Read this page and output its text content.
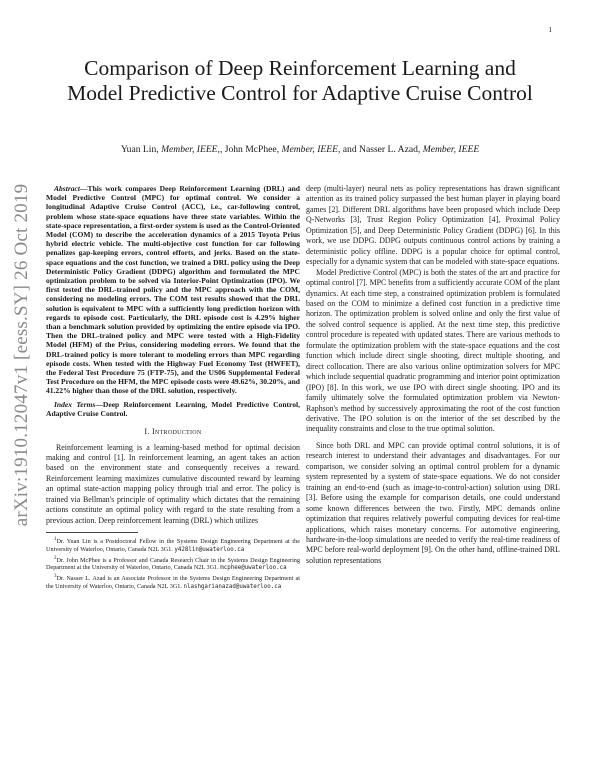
1
arXiv:1910.12047v1 [eess.SY] 26 Oct 2019
Comparison of Deep Reinforcement Learning and Model Predictive Control for Adaptive Cruise Control
Yuan Lin, Member, IEEE,, John McPhee, Member, IEEE, and Nasser L. Azad, Member, IEEE

Abstract—This work compares Deep Reinforcement Learning (DRL) and Model Predictive Control (MPC) for optimal control. We consider a longitudinal Adaptive Cruise Control (ACC), i.e., car-following control, problem whose state-space equations have three state variables. Within the state-space representation, a first-order system is used as the Control-Oriented Model (COM) to describe the acceleration dynamics of a 2015 Toyota Prius hybrid electric vehicle. The multi-objective cost function for car following penalizes gap-keeping errors, control efforts, and jerks. Based on the state-space equations and the cost function, we trained a DRL policy using the Deep Deterministic Policy Gradient (DDPG) algorithm and formulated the MPC optimization problem to be solved via Interior-Point Optimization (IPO). We first tested the DRL-trained policy and the MPC approach with the COM, considering no modeling errors. The COM test results showed that the DRL solution is equivalent to MPC with a sufficiently long prediction horizon with regards to episode cost. Particularly, the DRL episode cost is 4.29% higher than a benchmark solution provided by optimizing the entire episode via IPO. Then the DRL-trained policy and MPC were tested with a High-Fidelity Model (HFM) of the Prius, considering modeling errors. We found that the DRL-trained policy is more tolerant to modeling errors than MPC regarding episode costs. When tested with the Highway Fuel Economy Test (HWFET), the Federal Test Procedure 75 (FTP-75), and the US06 Supplemental Federal Test Procedure on the HFM, the MPC episode costs were 49.62%, 30.20%, and 41.22% higher than those of the DRL solution, respectively.

Index Terms—Deep Reinforcement Learning, Model Predictive Control, Adaptive Cruise Control.

I. Introduction

Reinforcement learning is a learning-based method for optimal decision making and control [1]. In reinforcement learning, an agent takes an action based on the environment state and consequently receives a reward. Reinforcement learning maximizes cumulative discounted reward by learning an optimal state-action mapping policy through trial and error. The policy is trained via Bellman's principle of optimality which dictates that the remaining actions constitute an optimal policy with regard to the state resulting from a previous action. Deep reinforcement learning (DRL) which utilizes

$^1$Dr. Yuan Lin is a Postdoctoral Fellow in the Systems Design Engineering Department at the University of Waterloo, Ontario, Canada N2L 3G1. y428lin@uwaterloo.ca

$^2$Dr. John McPhee is a Professor and Canada Research Chair in the Systems Design Engineering Department at the University of Waterloo, Ontario, Canada N2L 3G1. mcphee@uwaterloo.ca

$^3$Dr. Nasser L. Azad is an Associate Professor in the Systems Design Engineering Department at the University of Waterloo, Ontario, Canada N2L 3G1. nlashgarianazad@uwaterloo.ca

deep (multi-layer) neural nets as policy representations has drawn significant attention as its trained policy surpassed the best human player in playing board games [2]. Different DRL algorithms have been proposed which include Deep Q-Networks [3], Trust Region Policy Optimization [4], Proximal Policy Optimization [5], and Deep Deterministic Policy Gradient (DDPG) [6]. In this work, we use DDPG. DDPG outputs continuous control actions by training a deterministic policy offline. DDPG is a popular choice for optimal control, especially for a dynamic system that can be modeled with state-space equations.

Model Predictive Control (MPC) is both the states of the art and practice for optimal control [7]. MPC benefits from a sufficiently accurate COM of the plant dynamics. At each time step, a constrained optimization problem is formulated based on the COM to minimize a defined cost function in a predictive time horizon. The optimization problem is solved online and only the first value of the solved control sequence is applied. At the next time step, this predictive control procedure is repeated with updated states. There are various methods to formulate the optimization problem with the state-space equations and the cost function which include direct single shooting, direct multiple shooting, and direct collocation. There are also various online optimization solvers for MPC which include sequential quadratic programming and interior point optimization (IPO) [8]. In this work, we use IPO with direct single shooting. IPO and its family ultimately solve the formulated optimization problem via Newton-Raphson's method by successively approximating the root of the cost function derivative. The IPO solution is on the interior of the set described by the inequality constraints and close to the true optimal solution.

Since both DRL and MPC can provide optimal control solutions, it is of research interest to understand their advantages and disadvantages. For our comparison, we consider solving an optimal control problem for a dynamic system represented by a system of state-space equations. We do not consider training an end-to-end (such as image-to-control-action) solution using DRL [3]. Before using the example for comparison details, one could understand some known differences between the two. Firstly, MPC demands online optimization that requires relatively powerful computing devices for real-time applications, which raises monetary concerns. For automotive engineering, hardware-in-the-loop simulations are needed to verify the real-time readiness of MPC before real-world deployment [9]. On the other hand, offline-trained DRL solution representations
